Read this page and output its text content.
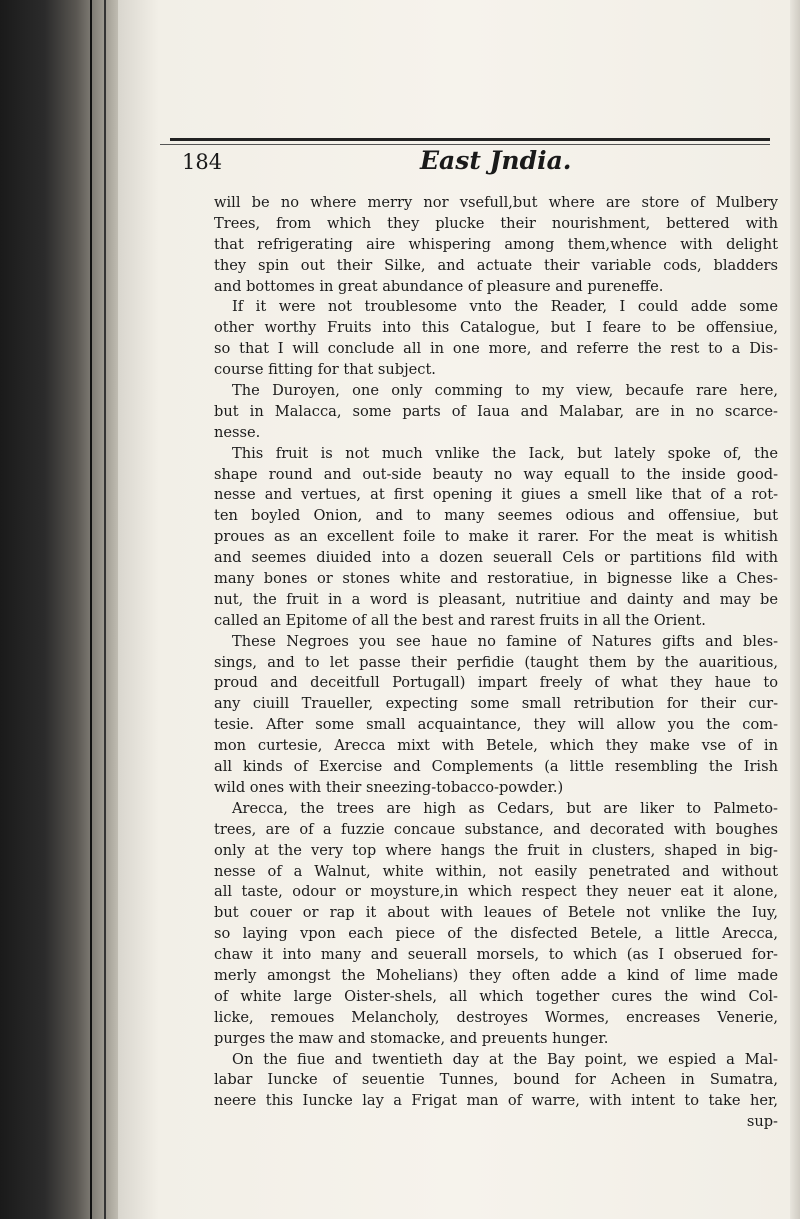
184	East Jndia.
will be no where merry nor vsefull,but where are store of Mulbery
Trees, from which they plucke their nourishment, bettered with
that refrigerating aire whispering among them,whence with delight
they spin out their Silke, and actuate their variable cods, bladders
and bottomes in great abundance of pleasure and pureneffe.
If it were not troublesome vnto the Reader, I could adde some
other worthy Fruits into this Catalogue, but I feare to be offensiue,
so that I will conclude all in one more, and referre the rest to a Dis-
course fitting for that subject.
The Duroyen, one only comming to my view, becaufe rare here,
but in Malacca, some parts of Iaua and Malabar, are in no scarce-
nesse.
This fruit is not much vnlike the Iack, but lately spoke of, the
shape round and out-side beauty no way equall to the inside good-
nesse and vertues, at first opening it giues a smell like that of a rot-
ten boyled Onion, and to many seemes odious and offensiue, but
proues as an excellent foile to make it rarer. For the meat is whitish
and seemes diuided into a dozen seuerall Cels or partitions fild with
many bones or stones white and restoratiue, in bignesse like a Ches-
nut, the fruit in a word is pleasant, nutritiue and dainty and may be
called an Epitome of all the best and rarest fruits in all the Orient.
These Negroes you see haue no famine of Natures gifts and bles-
sings, and to let passe their perfidie (taught them by the auaritious,
proud and deceitfull Portugall) impart freely of what they haue to
any ciuill Traueller, expecting some small retribution for their cur-
tesie. After some small acquaintance, they will allow you the com-
mon curtesie, Arecca mixt with Betele, which they make vse of in
all kinds of Exercise and Complements (a little resembling the Irish
wild ones with their sneezing-tobacco-powder.)
Arecca, the trees are high as Cedars, but are liker to Palmeto-
trees, are of a fuzzie concaue substance, and decorated with boughes
only at the very top where hangs the fruit in clusters, shaped in big-
nesse of a Walnut, white within, not easily penetrated and without
all taste, odour or moysture,in which respect they neuer eat it alone,
but couer or rap it about with leaues of Betele not vnlike the Iuy,
so laying vpon each piece of the disfected Betele, a little Arecca,
chaw it into many and seuerall morsels, to which (as I obserued for-
merly amongst the Mohelians) they often adde a kind of lime made
of white large Oister-shels, all which together cures the wind Col-
licke, remoues Melancholy, destroyes Wormes, encreases Venerie,
purges the maw and stomacke, and preuents hunger.
On the fiue and twentieth day at the Bay point, we espied a Mal-
labar Iuncke of seuentie Tunnes, bound for Acheen in Sumatra,
neere this Iuncke lay a Frigat man of warre, with intent to take her,
sup-
